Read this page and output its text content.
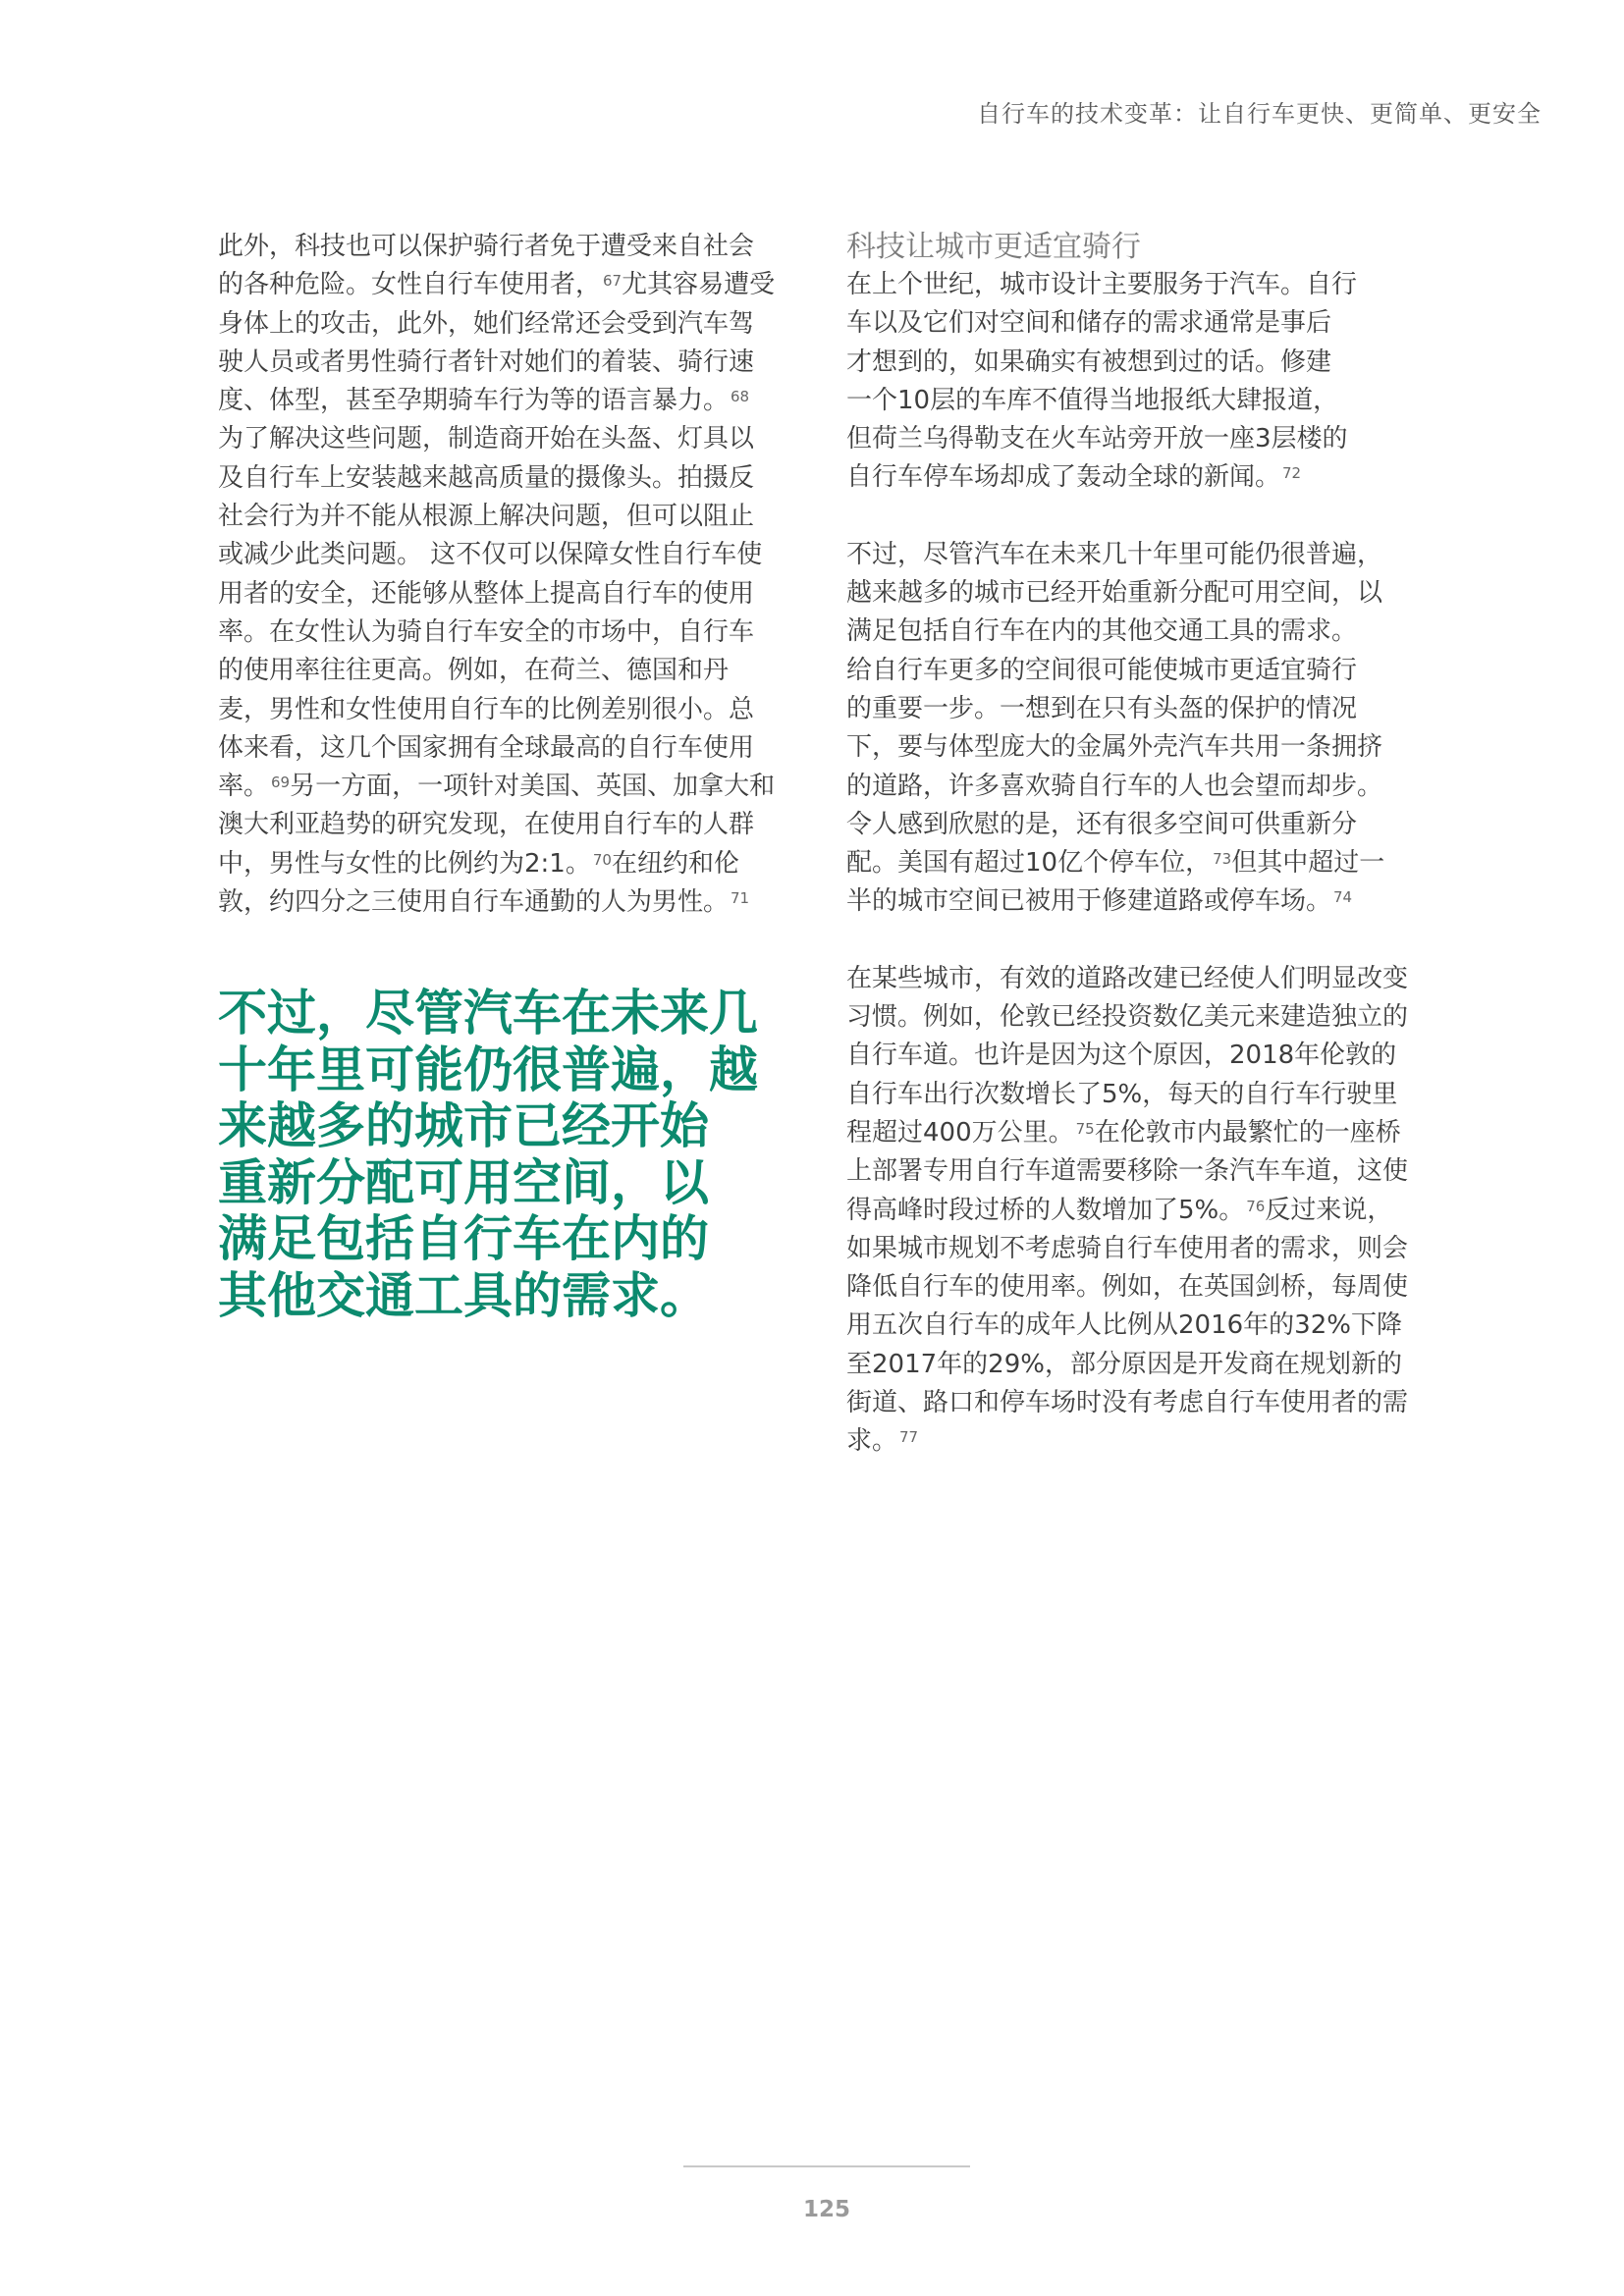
自行车的技术变革：让自行车更快、更简单、更安全

此外，科技也可以保护骑行者免于遭受来自社会
的各种危险。女性自行车使用者， $^{67}$尤其容易遭受
身体上的攻击，此外，她们经常还会受到汽车驾
驶人员或者男性骑行者针对她们的着装、骑行速
度、体型，甚至孕期骑车行为等的语言暴力。 $^{68}$
为了解决这些问题，制造商开始在头盔、灯具以
及自行车上安装越来越高质量的摄像头。拍摄反
社会行为并不能从根源上解决问题，但可以阻止
或减少此类问题。 这不仅可以保障女性自行车使
用者的安全，还能够从整体上提高自行车的使用
率。在女性认为骑自行车安全的市场中，自行车
的使用率往往更高。例如，在荷兰、德国和丹
麦，男性和女性使用自行车的比例差别很小。总
体来看，这几个国家拥有全球最高的自行车使用
率。 $^{69}$另一方面，一项针对美国、英国、加拿大和
澳大利亚趋势的研究发现，在使用自行车的人群
中，男性与女性的比例约为2:1。 $^{70}$在纽约和伦
敦，约四分之三使用自行车通勤的人为男性。 $^{71}$

不过，尽管汽车在未来几
十年里可能仍很普遍，越
来越多的城市已经开始
重新分配可用空间，以
满足包括自行车在内的
其他交通工具的需求。
科技让城市更适宜骑行

在上个世纪，城市设计主要服务于汽车。自行
车以及它们对空间和储存的需求通常是事后
才想到的，如果确实有被想到过的话。修建
一个10层的车库不值得当地报纸大肆报道，
但荷兰乌得勒支在火车站旁开放一座3层楼的
自行车停车场却成了轰动全球的新闻。 $^{72}$

不过，尽管汽车在未来几十年里可能仍很普遍，
越来越多的城市已经开始重新分配可用空间，以
满足包括自行车在内的其他交通工具的需求。
给自行车更多的空间很可能使城市更适宜骑行
的重要一步。一想到在只有头盔的保护的情况
下，要与体型庞大的金属外壳汽车共用一条拥挤
的道路，许多喜欢骑自行车的人也会望而却步。
令人感到欣慰的是，还有很多空间可供重新分
配。美国有超过10亿个停车位， $^{73}$但其中超过一
半的城市空间已被用于修建道路或停车场。 $^{74}$

在某些城市，有效的道路改建已经使人们明显改变
习惯。例如，伦敦已经投资数亿美元来建造独立的
自行车道。也许是因为这个原因，2018年伦敦的
自行车出行次数增长了5%，每天的自行车行驶里
程超过400万公里。 $^{75}$在伦敦市内最繁忙的一座桥
上部署专用自行车道需要移除一条汽车车道，这使
得高峰时段过桥的人数增加了5%。 $^{76}$反过来说，
如果城市规划不考虑骑自行车使用者的需求，则会
降低自行车的使用率。例如，在英国剑桥，每周使
用五次自行车的成年人比例从2016年的32%下降
至2017年的29%，部分原因是开发商在规划新的
街道、路口和停车场时没有考虑自行车使用者的需
求。 $^{77}$

125
